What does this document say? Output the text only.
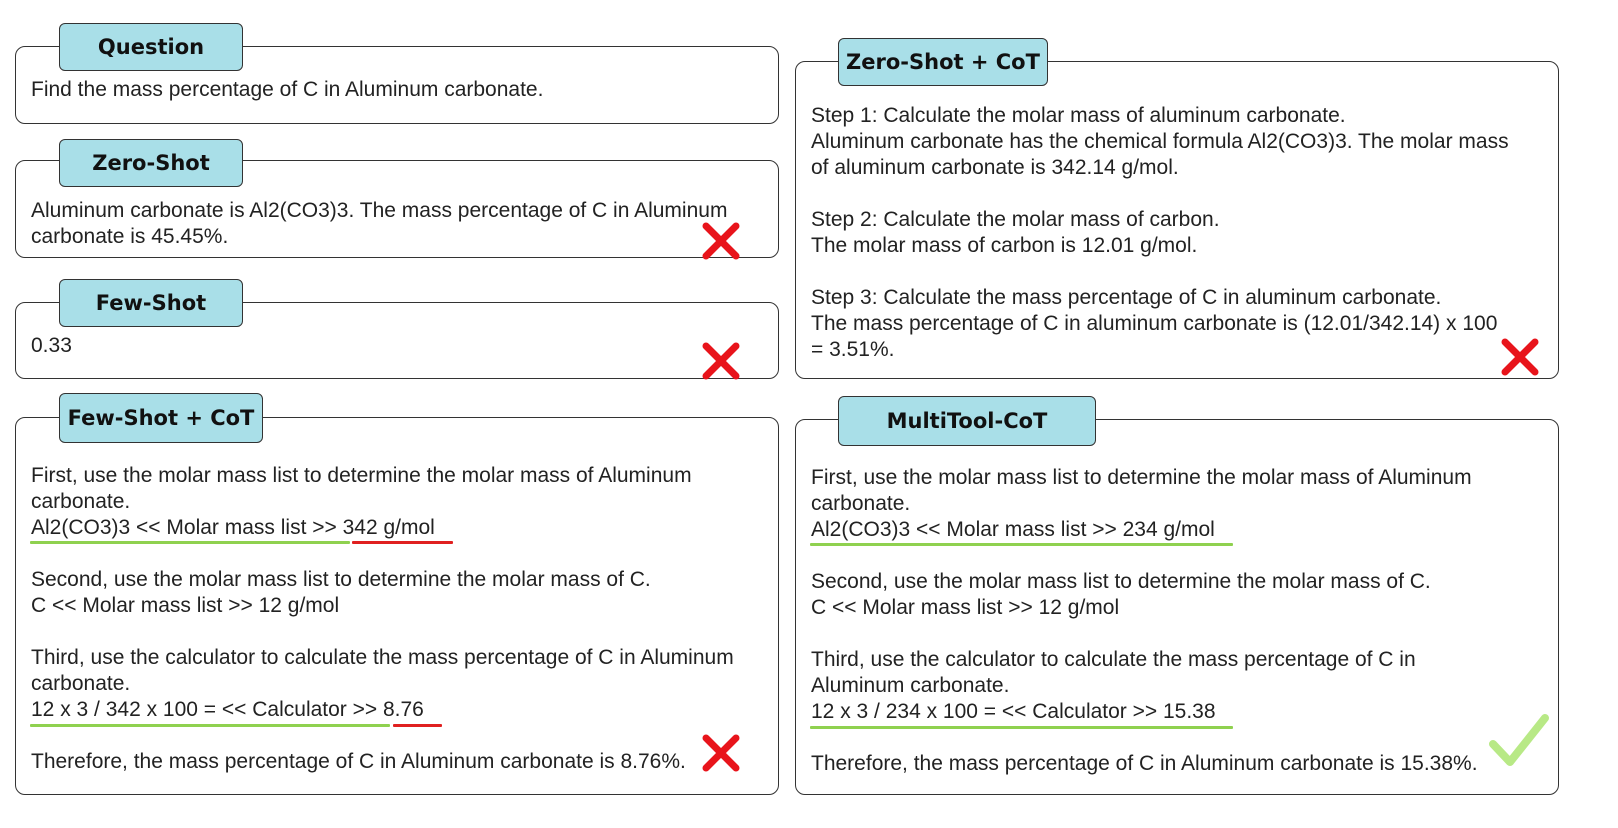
Question
Find the mass percentage of C in Aluminum carbonate.
Zero-Shot
Aluminum carbonate is Al2(CO3)3. The mass percentage of C in Aluminum
carbonate is 45.45%.
Few-Shot
0.33
Few-Shot + CoT
First, use the molar mass list to determine the molar mass of Aluminum
carbonate.
Al2(CO3)3 << Molar mass list >> 342 g/mol
Second, use the molar mass list to determine the molar mass of C.
C << Molar mass list >> 12 g/mol
Third, use the calculator to calculate the mass percentage of C in Aluminum
carbonate.
12 x 3 / 342 x 100 = << Calculator >> 8.76
Therefore, the mass percentage of C in Aluminum carbonate is 8.76%.
Zero-Shot + CoT
Step 1: Calculate the molar mass of aluminum carbonate.
Aluminum carbonate has the chemical formula Al2(CO3)3. The molar mass
of aluminum carbonate is 342.14 g/mol.
Step 2: Calculate the molar mass of carbon.
The molar mass of carbon is 12.01 g/mol.
Step 3: Calculate the mass percentage of C in aluminum carbonate.
The mass percentage of C in aluminum carbonate is (12.01/342.14) x 100
= 3.51%.
MultiTool-CoT
First, use the molar mass list to determine the molar mass of Aluminum
carbonate.
Al2(CO3)3 << Molar mass list >> 234 g/mol
Second, use the molar mass list to determine the molar mass of C.
C << Molar mass list >> 12 g/mol
Third, use the calculator to calculate the mass percentage of C in
Aluminum carbonate.
12 x 3 / 234 x 100 = << Calculator >> 15.38
Therefore, the mass percentage of C in Aluminum carbonate is 15.38%.
